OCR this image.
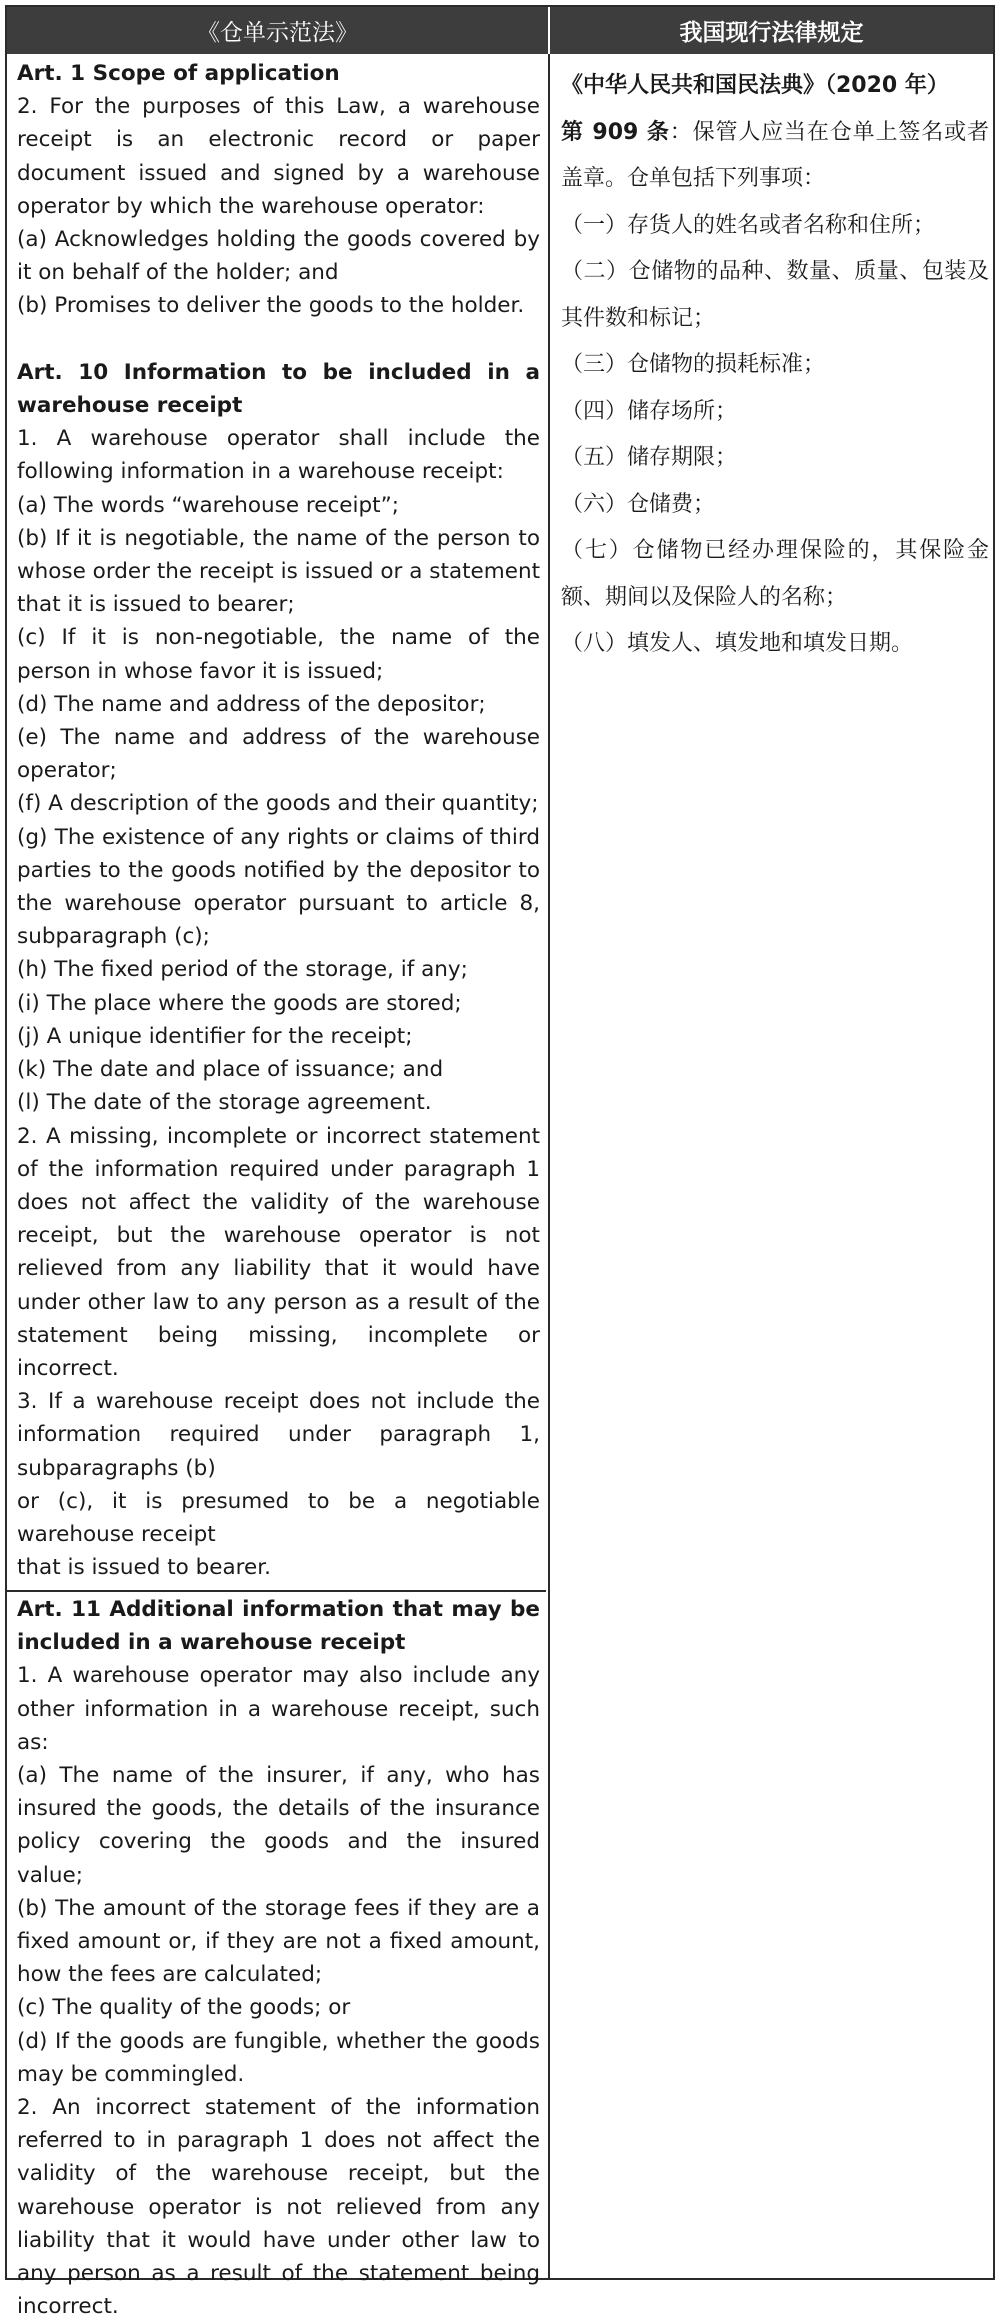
《仓单示范法》	我国现行法律规定
Art. 1 Scope of application
2. For the purposes of this Law, a warehouse receipt is an electronic record or paper document issued and signed by a warehouse operator by which the warehouse operator:
(a) Acknowledges holding the goods covered by it on behalf of the holder; and
(b) Promises to deliver the goods to the holder.

Art. 10 Information to be included in a warehouse receipt
1. A warehouse operator shall include the following information in a warehouse receipt:
(a) The words “warehouse receipt”;
(b) If it is negotiable, the name of the person to whose order the receipt is issued or a statement that it is issued to bearer;
(c) If it is non-negotiable, the name of the person in whose favor it is issued;
(d) The name and address of the depositor;
(e) The name and address of the warehouse operator;
(f) A description of the goods and their quantity;
(g) The existence of any rights or claims of third parties to the goods notified by the depositor to the warehouse operator pursuant to article 8, subparagraph (c);
(h) The fixed period of the storage, if any;
(i) The place where the goods are stored;
(j) A unique identifier for the receipt;
(k) The date and place of issuance; and
(l) The date of the storage agreement.
2. A missing, incomplete or incorrect statement of the information required under paragraph 1 does not affect the validity of the warehouse receipt, but the warehouse operator is not relieved from any liability that it would have under other law to any person as a result of the statement being missing, incomplete or incorrect.
3. If a warehouse receipt does not include the information required under paragraph 1, subparagraphs (b)
or (c), it is presumed to be a negotiable warehouse receipt
that is issued to bearer.
Art. 11 Additional information that may be included in a warehouse receipt
1. A warehouse operator may also include any other information in a warehouse receipt, such as:
(a) The name of the insurer, if any, who has insured the goods, the details of the insurance policy covering the goods and the insured value;
(b) The amount of the storage fees if they are a fixed amount or, if they are not a fixed amount, how the fees are calculated;
(c) The quality of the goods; or
(d) If the goods are fungible, whether the goods may be commingled.
2. An incorrect statement of the information referred to in paragraph 1 does not affect the validity of the warehouse receipt, but the warehouse operator is not relieved from any liability that it would have under other law to any person as a result of the statement being incorrect.

《中华人民共和国民法典》（2020 年）

第 909 条：保管人应当在仓单上签名或者盖章。仓单包括下列事项：

（一）存货人的姓名或者名称和住所；

（二）仓储物的品种、数量、质量、包装及其件数和标记；

（三）仓储物的损耗标准；

（四）储存场所；

（五）储存期限；

（六）仓储费；

（七）仓储物已经办理保险的，其保险金额、期间以及保险人的名称；

（八）填发人、填发地和填发日期。
